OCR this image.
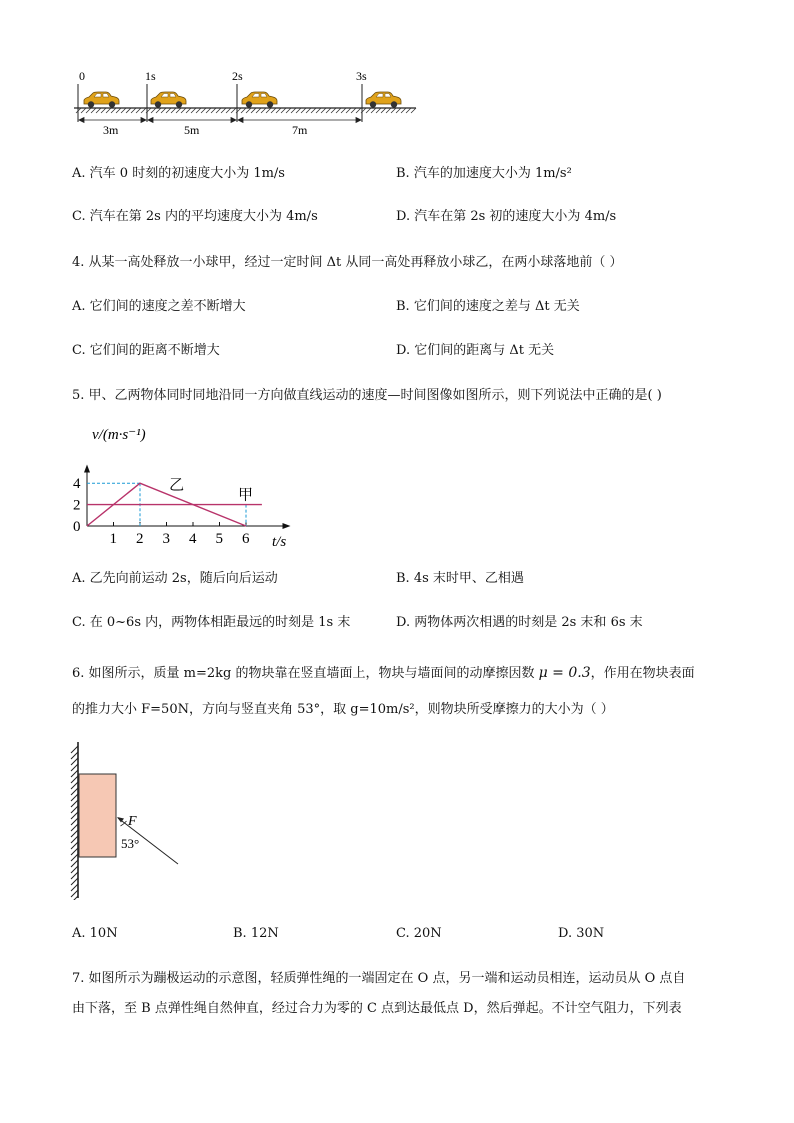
0	1s	2s	3s
3m	5m	7m
A. 汽车 0 时刻的初速度大小为 1m/s	B. 汽车的加速度大小为 1m/s²
C. 汽车在第 2s 内的平均速度大小为 4m/s	D. 汽车在第 2s 初的速度大小为 4m/s
4. 从某一高处释放一小球甲，经过一定时间 Δt 从同一高处再释放小球乙，在两小球落地前（ ）
A. 它们间的速度之差不断增大	B. 它们间的速度之差与 Δt 无关
C. 它们间的距离不断增大	D. 它们间的距离与 Δt 无关
5. 甲、乙两物体同时同地沿同一方向做直线运动的速度—时间图像如图所示，则下列说法中正确的是( )
v/(m·s⁻¹)
t/s
1 2 3 4 5 6
0
2
4	乙
甲
A. 乙先向前运动 2s，随后向后运动	B. 4s 末时甲、乙相遇
C. 在 0~6s 内，两物体相距最远的时刻是 1s 末	D. 两物体两次相遇的时刻是 2s 末和 6s 末
6. 如图所示，质量 m=2kg 的物块靠在竖直墙面上，物块与墙面间的动摩擦因数 μ = 0.3，作用在物块表面
的推力大小 F=50N，方向与竖直夹角 53°，取 g=10m/s²，则物块所受摩擦力的大小为（ ）
F
53°
A. 10N	B. 12N	C. 20N	D. 30N
7. 如图所示为蹦极运动的示意图，轻质弹性绳的一端固定在 O 点，另一端和运动员相连，运动员从 O 点自
由下落，至 B 点弹性绳自然伸直，经过合力为零的 C 点到达最低点 D，然后弹起。不计空气阻力，下列表
